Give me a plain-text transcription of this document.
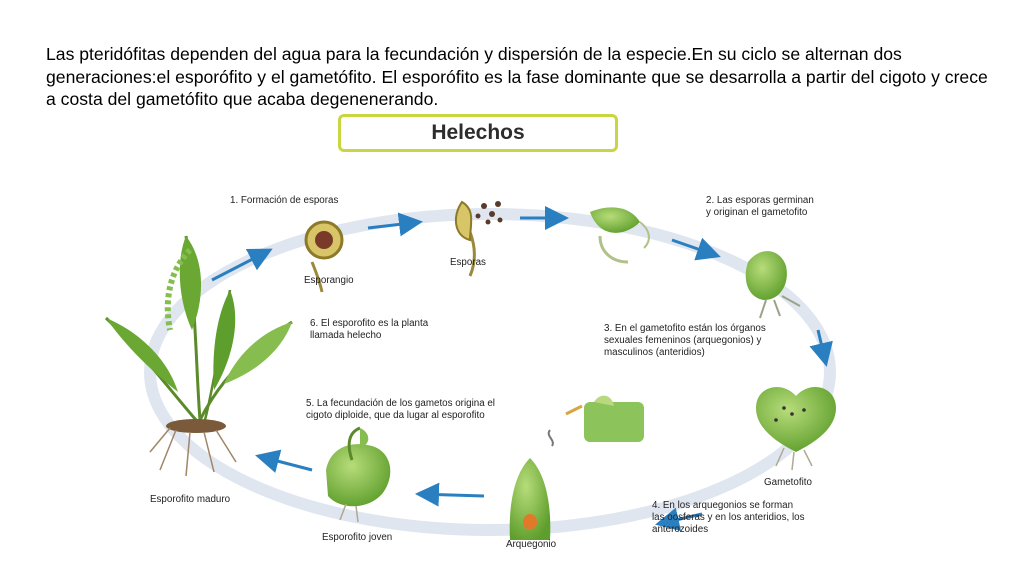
Las pteridófitas dependen del agua para la fecundación y dispersión de la especie.En su ciclo se alternan dos generaciones:el esporófito y el gametófito. El esporófito es la fase dominante que se desarrolla a partir del cigoto y crece a costa del gametófito que acaba degenenerando.
Helechos
1. Formación de esporas	2. Las esporas germinan
y originan el gametofito
3. En el gametofito están los órganos
sexuales femeninos (arquegonios) y
masculinos (anteridios)
4. En los arquegonios se forman
las oosferas y en los anteridios, los
anterozoides
5. La fecundación de los gametos origina el
cigoto diploide, que da lugar al esporofito
6. El esporofito es la planta
llamada helecho
Esporangio
Esporas
Gametofito
Arquegonio
Esporofito joven
Esporofito maduro
